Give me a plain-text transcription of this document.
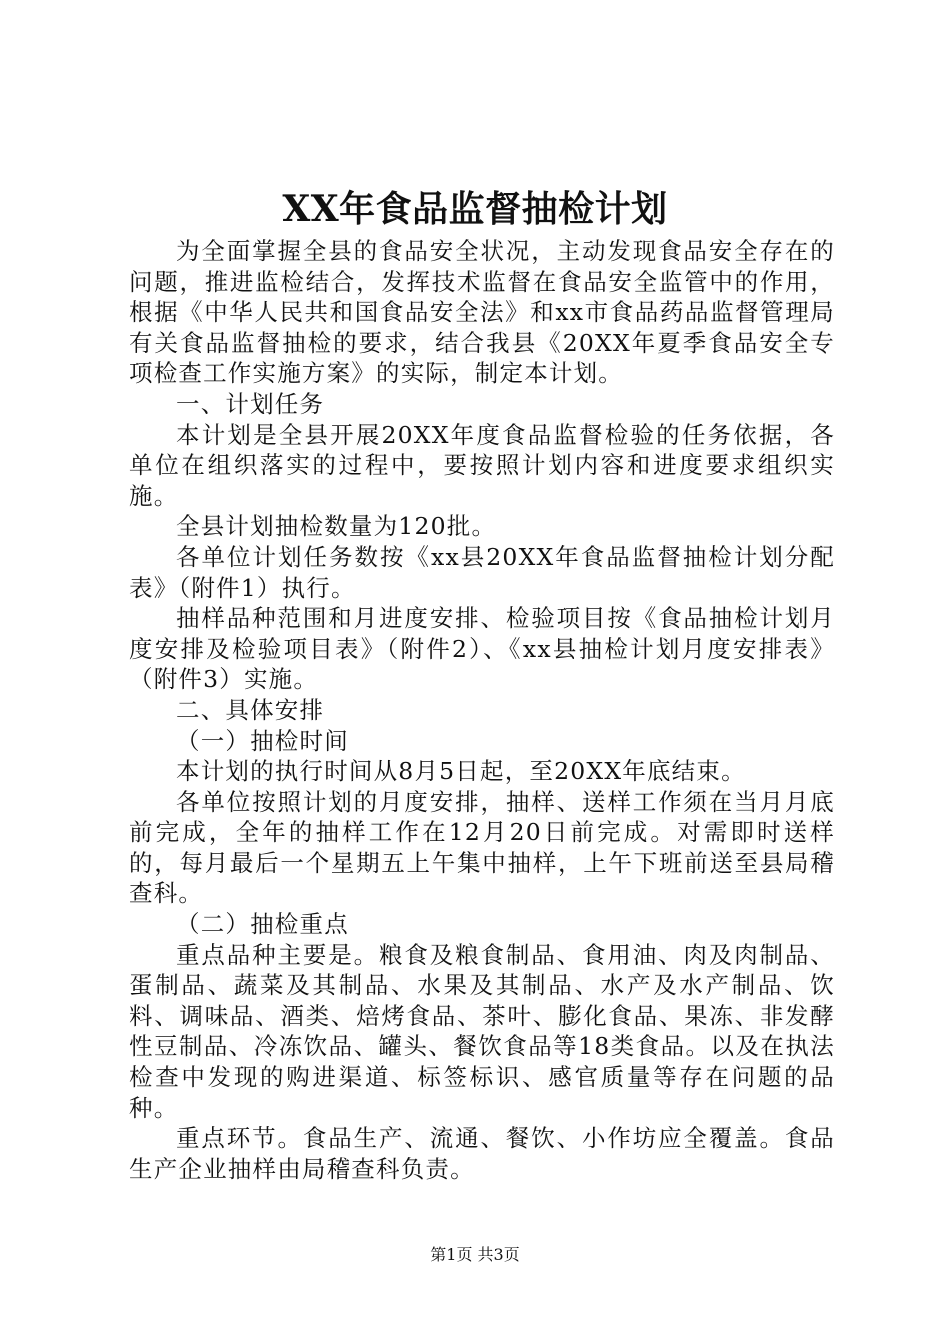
XX年食品监督抽检计划

为全面掌握全县的食品安全状况，主动发现食品安全存在的问题，推进监检结合，发挥技术监督在食品安全监管中的作用，根据《中华人民共和国食品安全法》和xx市食品药品监督管理局有关食品监督抽检的要求，结合我县《20XX年夏季食品安全专项检查工作实施方案》的实际，制定本计划。

一、计划任务

本计划是全县开展20XX年度食品监督检验的任务依据，各单位在组织落实的过程中，要按照计划内容和进度要求组织实施。

全县计划抽检数量为120批。

各单位计划任务数按《xx县20XX年食品监督抽检计划分配表》（附件1）执行。

抽样品种范围和月进度安排、检验项目按《食品抽检计划月度安排及检验项目表》（附件2）、《xx县抽检计划月度安排表》（附件3）实施。

二、具体安排

（一）抽检时间

本计划的执行时间从8月5日起，至20XX年底结束。

各单位按照计划的月度安排，抽样、送样工作须在当月月底前完成，全年的抽样工作在12月20日前完成。对需即时送样的，每月最后一个星期五上午集中抽样，上午下班前送至县局稽查科。

（二）抽检重点

重点品种主要是。粮食及粮食制品、食用油、肉及肉制品、蛋制品、蔬菜及其制品、水果及其制品、水产及水产制品、饮料、调味品、酒类、焙烤食品、茶叶、膨化食品、果冻、非发酵性豆制品、冷冻饮品、罐头、餐饮食品等18类食品。以及在执法检查中发现的购进渠道、标签标识、感官质量等存在问题的品种。

重点环节。食品生产、流通、餐饮、小作坊应全覆盖。食品生产企业抽样由局稽查科负责。

第1页 共3页
